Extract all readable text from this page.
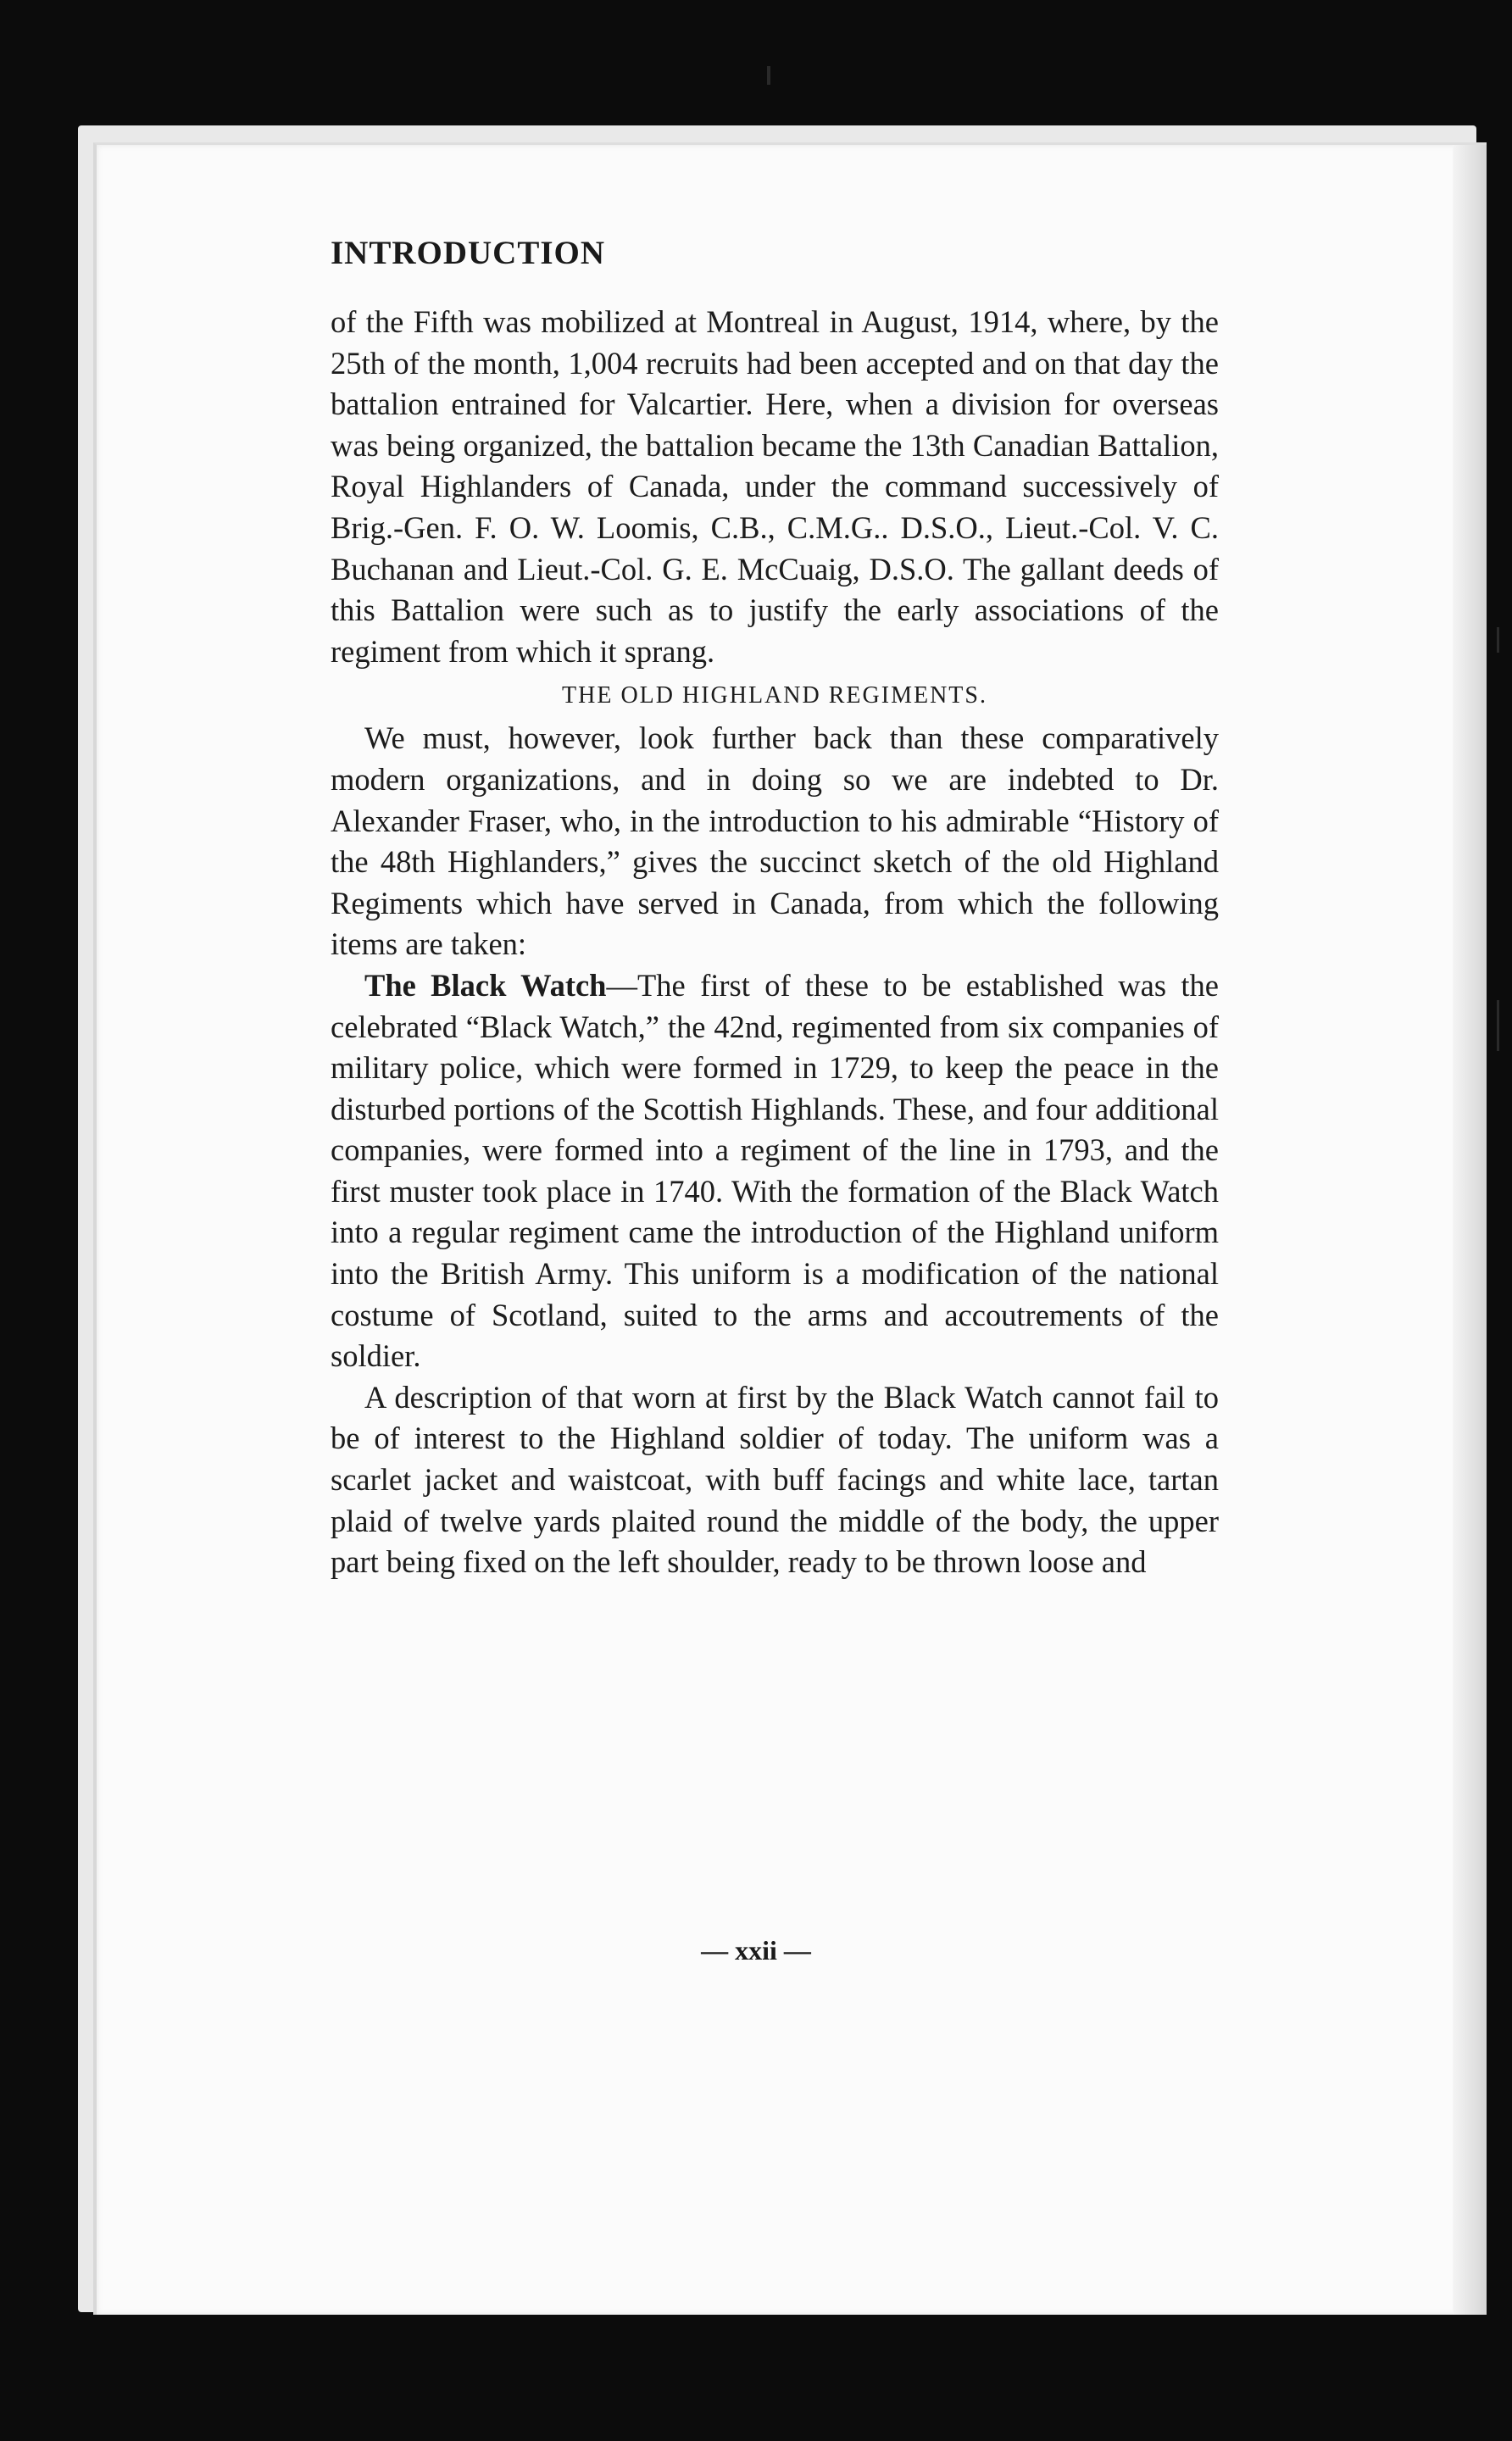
INTRODUCTION

of the Fifth was mobilized at Montreal in August, 1914, where, by the 25th of the month, 1,004 recruits had been accepted and on that day the battalion entrained for Valcartier. Here, when a division for overseas was being organized, the battalion became the 13th Canadian Battalion, Royal Highlanders of Canada, under the command successively of Brig.-Gen. F. O. W. Loomis, C.B., C.M.G.. D.S.O., Lieut.-Col. V. C. Buchanan and Lieut.-Col. G. E. McCuaig, D.S.O. The gallant deeds of this Battalion were such as to justify the early associations of the regiment from which it sprang.

THE OLD HIGHLAND REGIMENTS.

We must, however, look further back than these comparatively modern organizations, and in doing so we are indebted to Dr. Alexander Fraser, who, in the introduction to his admirable “History of the 48th Highlanders,” gives the succinct sketch of the old Highland Regiments which have served in Canada, from which the following items are taken:

The Black Watch—The first of these to be established was the celebrated “Black Watch,” the 42nd, regimented from six companies of military police, which were formed in 1729, to keep the peace in the disturbed portions of the Scottish Highlands. These, and four additional companies, were formed into a regiment of the line in 1793, and the first muster took place in 1740. With the formation of the Black Watch into a regular regiment came the introduction of the Highland uniform into the British Army. This uniform is a modification of the national costume of Scotland, suited to the arms and accoutrements of the soldier.

A description of that worn at first by the Black Watch cannot fail to be of interest to the Highland soldier of today. The uniform was a scarlet jacket and waistcoat, with buff facings and white lace, tartan plaid of twelve yards plaited round the middle of the body, the upper part being fixed on the left shoulder, ready to be thrown loose and

— xxii —
